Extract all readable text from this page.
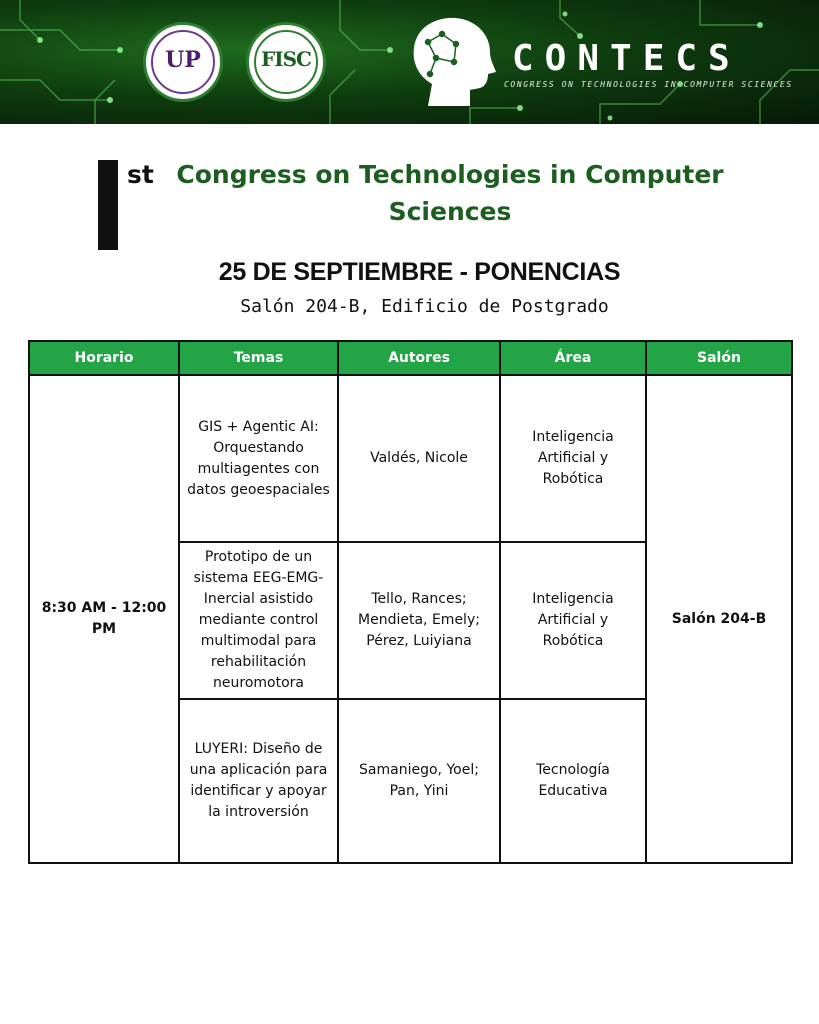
UP	FISC	CONTECS

CONGRESS ON TECHNOLOGIES IN COMPUTER SCIENCES

st Congress on Technologies in Computer Sciences
25 DE SEPTIEMBRE - PONENCIAS

Salón 204-B, Edificio de Postgrado

Horario	Temas	Autores	Área	Salón
8:30 AM - 12:00 PM	GIS + Agentic AI: Orquestando multiagentes con datos geoespaciales	Valdés, Nicole	Inteligencia Artificial y Robótica	Salón 204-B
	Prototipo de un sistema EEG-EMG-Inercial asistido mediante control multimodal para rehabilitación neuromotora	Tello, Rances; Mendieta, Emely; Pérez, Luiyiana	Inteligencia Artificial y Robótica	
	LUYERI: Diseño de una aplicación para identificar y apoyar la introversión	Samaniego, Yoel; Pan, Yini	Tecnología Educativa	
